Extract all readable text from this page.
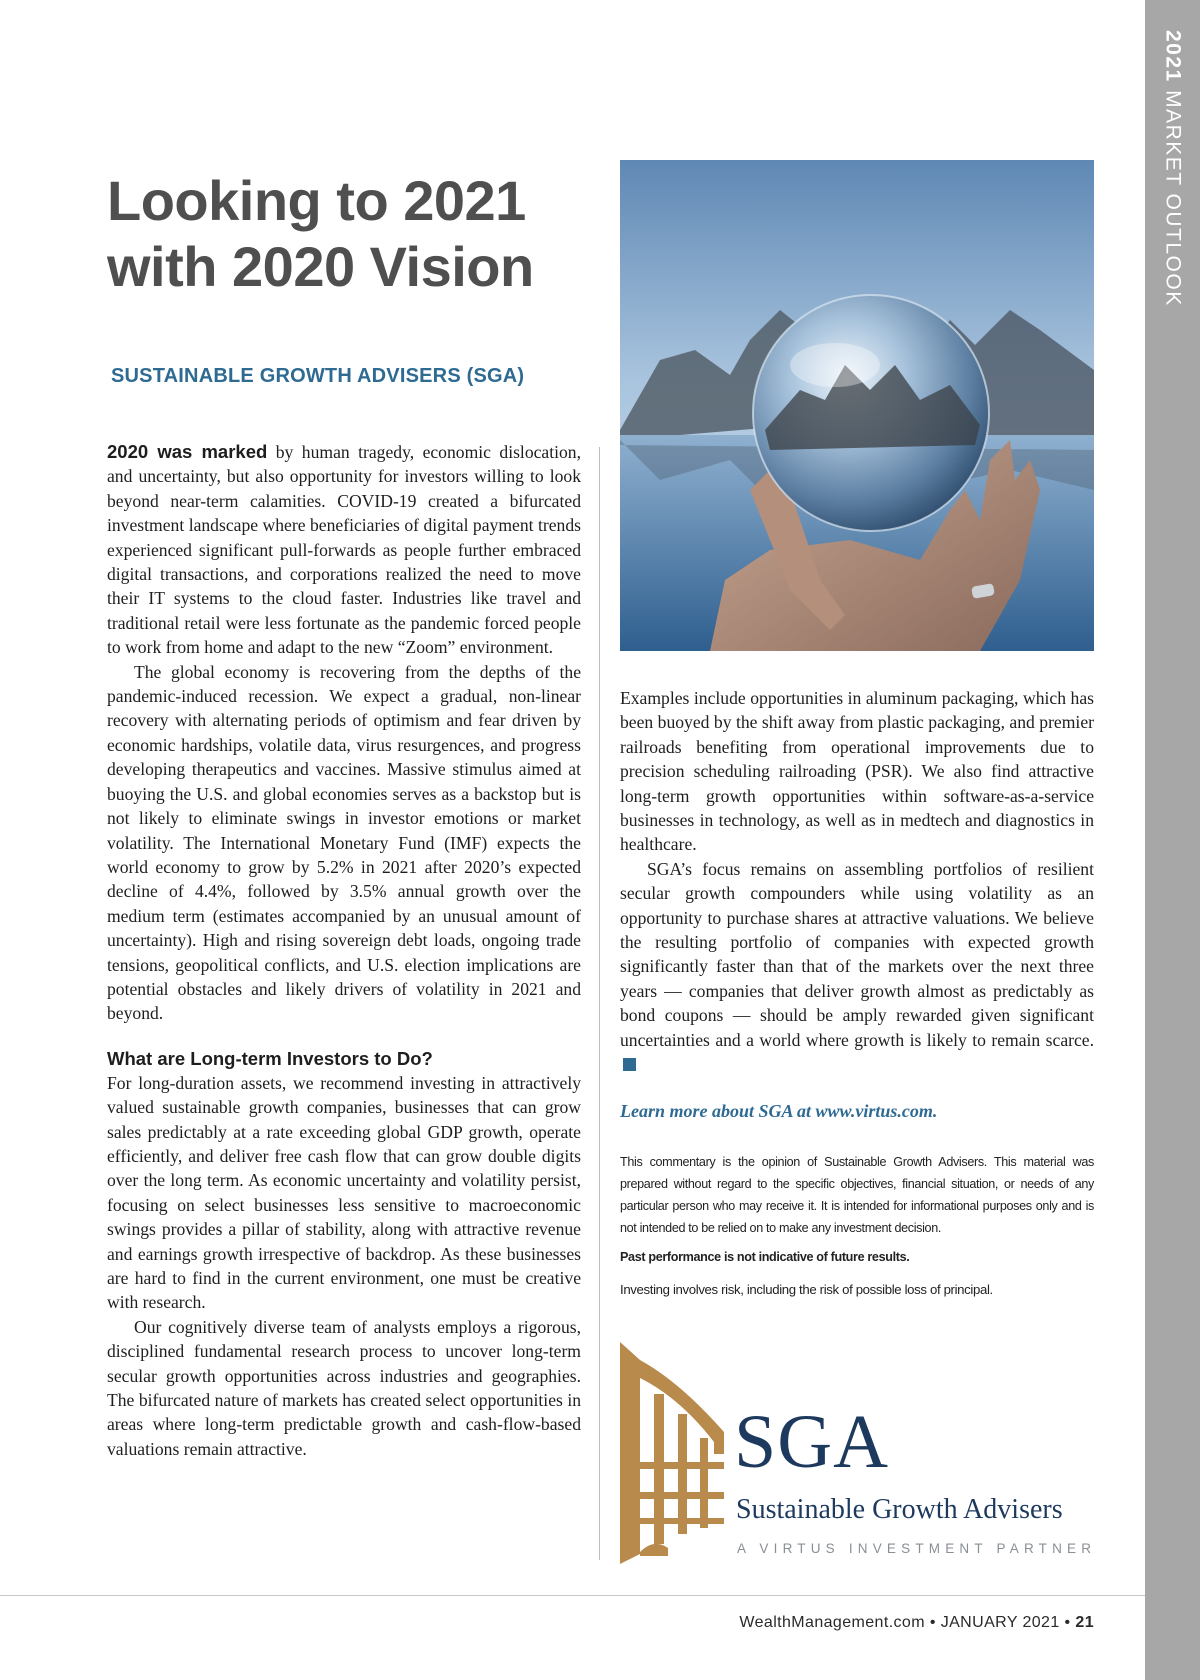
2021 MARKET OUTLOOK
Looking to 2021
with 2020 Vision
SUSTAINABLE GROWTH ADVISERS (SGA)

2020 was marked by human tragedy, economic dislocation, and uncertainty, but also opportunity for investors willing to look beyond near-term calamities. COVID-19 created a bifurcated investment landscape where beneficiaries of digital payment trends experienced significant pull-forwards as people further embraced digital transactions, and corporations realized the need to move their IT systems to the cloud faster. Industries like travel and traditional retail were less fortunate as the pandemic forced people to work from home and adapt to the new “Zoom” environment.

The global economy is recovering from the depths of the pandemic-induced recession. We expect a gradual, non-linear recovery with alternating periods of optimism and fear driven by economic hardships, volatile data, virus resurgences, and progress developing therapeutics and vaccines. Massive stimulus aimed at buoying the U.S. and global economies serves as a backstop but is not likely to eliminate swings in investor emotions or market volatility. The International Monetary Fund (IMF) expects the world economy to grow by 5.2% in 2021 after 2020’s expected decline of 4.4%, followed by 3.5% annual growth over the medium term (estimates accompanied by an unusual amount of uncertainty). High and rising sovereign debt loads, ongoing trade tensions, geopolitical conflicts, and U.S. election implications are potential obstacles and likely drivers of volatility in 2021 and beyond.

What are Long-term Investors to Do?

For long-duration assets, we recommend investing in attractively valued sustainable growth companies, businesses that can grow sales predictably at a rate exceeding global GDP growth, operate efficiently, and deliver free cash flow that can grow double digits over the long term. As economic uncertainty and volatility persist, focusing on select businesses less sensitive to macroeconomic swings provides a pillar of stability, along with attractive revenue and earnings growth irrespective of backdrop. As these businesses are hard to find in the current environment, one must be creative with research.

Our cognitively diverse team of analysts employs a rigorous, disciplined fundamental research process to uncover long-term secular growth opportunities across industries and geographies. The bifurcated nature of markets has created select opportunities in areas where long-term predictable growth and cash-flow-based valuations remain attractive.

Examples include opportunities in aluminum packaging, which has been buoyed by the shift away from plastic packaging, and premier railroads benefiting from operational improvements due to precision scheduling railroading (PSR). We also find attractive long-term growth opportunities within software-as-a-service businesses in technology, as well as in medtech and diagnostics in healthcare.

SGA’s focus remains on assembling portfolios of resilient secular growth compounders while using volatility as an opportunity to purchase shares at attractive valuations. We believe the resulting portfolio of companies with expected growth significantly faster than that of the markets over the next three years — companies that deliver growth almost as predictably as bond coupons — should be amply rewarded given significant uncertainties and a world where growth is likely to remain scarce.

Learn more about SGA at www.virtus.com.
This commentary is the opinion of Sustainable Growth Advisers. This material was prepared without regard to the specific objectives, financial situation, or needs of any particular person who may receive it. It is intended for informational purposes only and is not intended to be relied on to make any investment decision.
Past performance is not indicative of future results.
Investing involves risk, including the risk of possible loss of principal.
SGA
Sustainable Growth Advisers
A VIRTUS INVESTMENT PARTNER
WealthManagement.com • JANUARY 2021 • 21
